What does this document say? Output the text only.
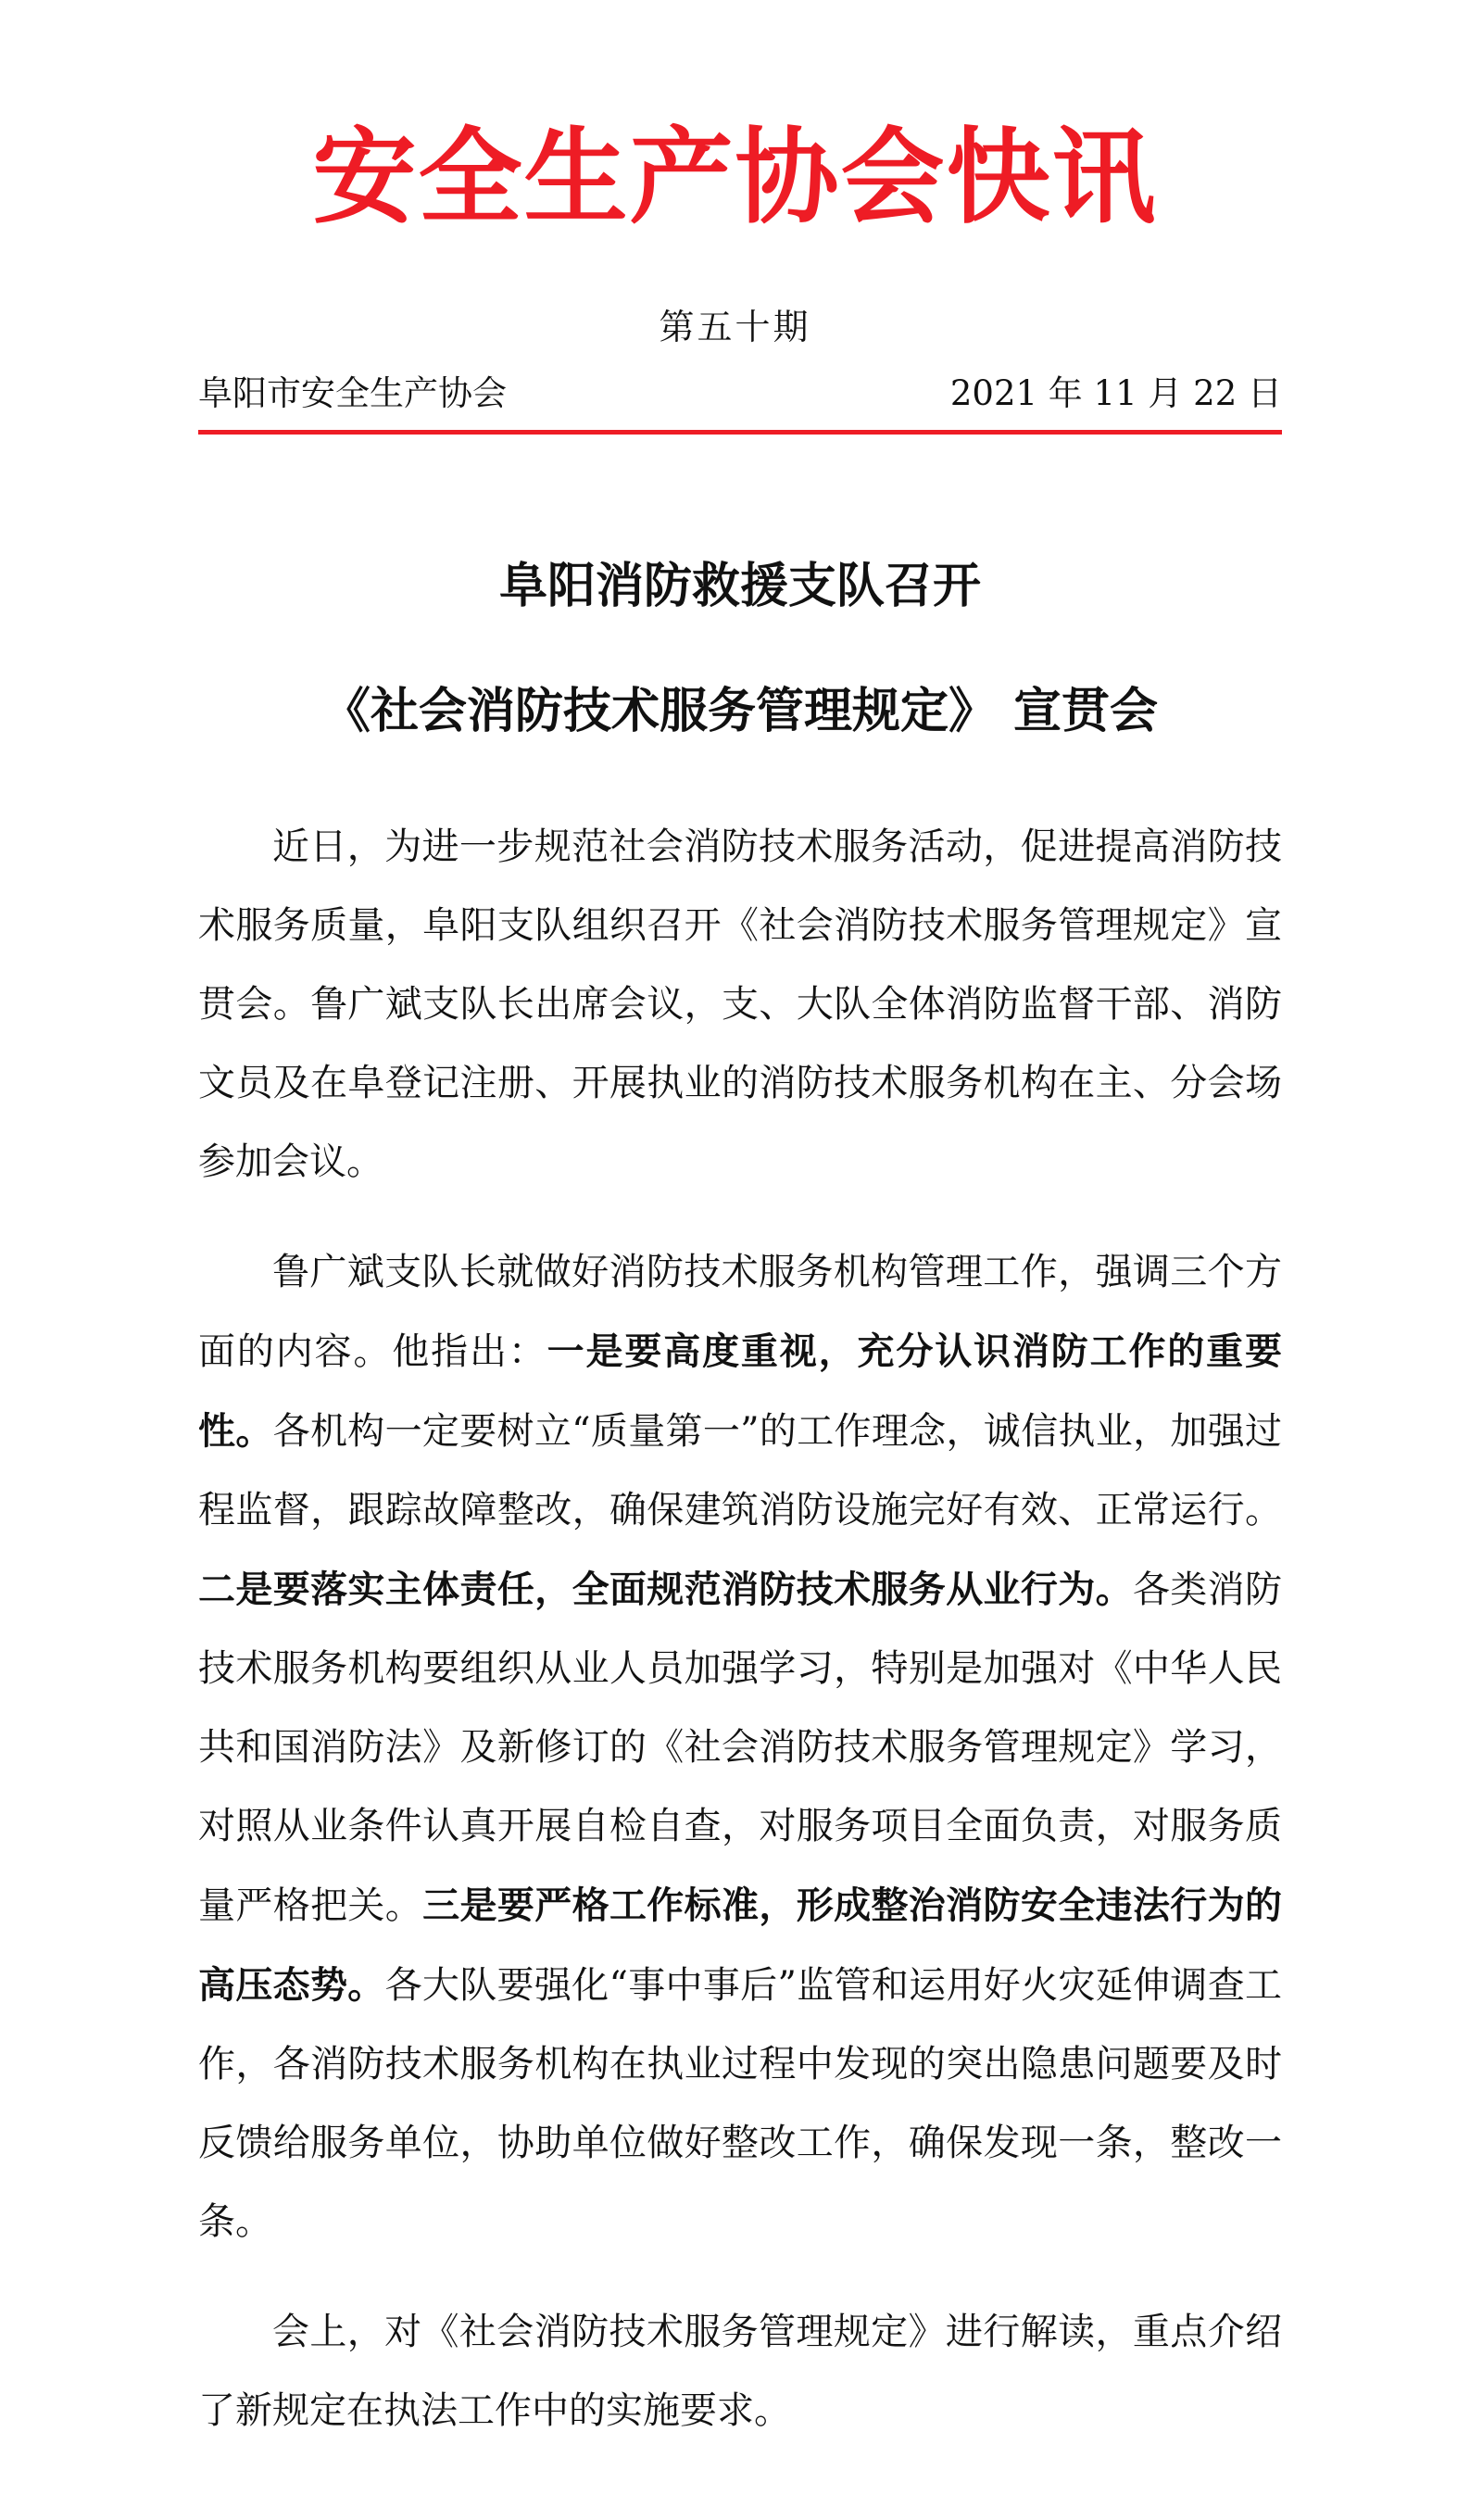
安全生产协会快讯
第五十期
阜阳市安全生产协会	2021 年 11 月 22 日
阜阳消防救援支队召开
《社会消防技术服务管理规定》 宣贯会

近日，为进一步规范社会消防技术服务活动，促进提高消防技术服务质量，阜阳支队组织召开《社会消防技术服务管理规定》宣贯会。鲁广斌支队长出席会议，支、大队全体消防监督干部、消防文员及在阜登记注册、开展执业的消防技术服务机构在主、分会场参加会议。

鲁广斌支队长就做好消防技术服务机构管理工作，强调三个方面的内容。他指出：一是要高度重视，充分认识消防工作的重要性。各机构一定要树立“质量第一”的工作理念，诚信执业，加强过程监督，跟踪故障整改，确保建筑消防设施完好有效、正常运行。二是要落实主体责任，全面规范消防技术服务从业行为。各类消防技术服务机构要组织从业人员加强学习，特别是加强对《中华人民共和国消防法》及新修订的《社会消防技术服务管理规定》学习，对照从业条件认真开展自检自查，对服务项目全面负责，对服务质量严格把关。三是要严格工作标准，形成整治消防安全违法行为的高压态势。各大队要强化“事中事后”监管和运用好火灾延伸调查工作，各消防技术服务机构在执业过程中发现的突出隐患问题要及时反馈给服务单位，协助单位做好整改工作，确保发现一条，整改一条。

会上，对《社会消防技术服务管理规定》进行解读，重点介绍了新规定在执法工作中的实施要求。
